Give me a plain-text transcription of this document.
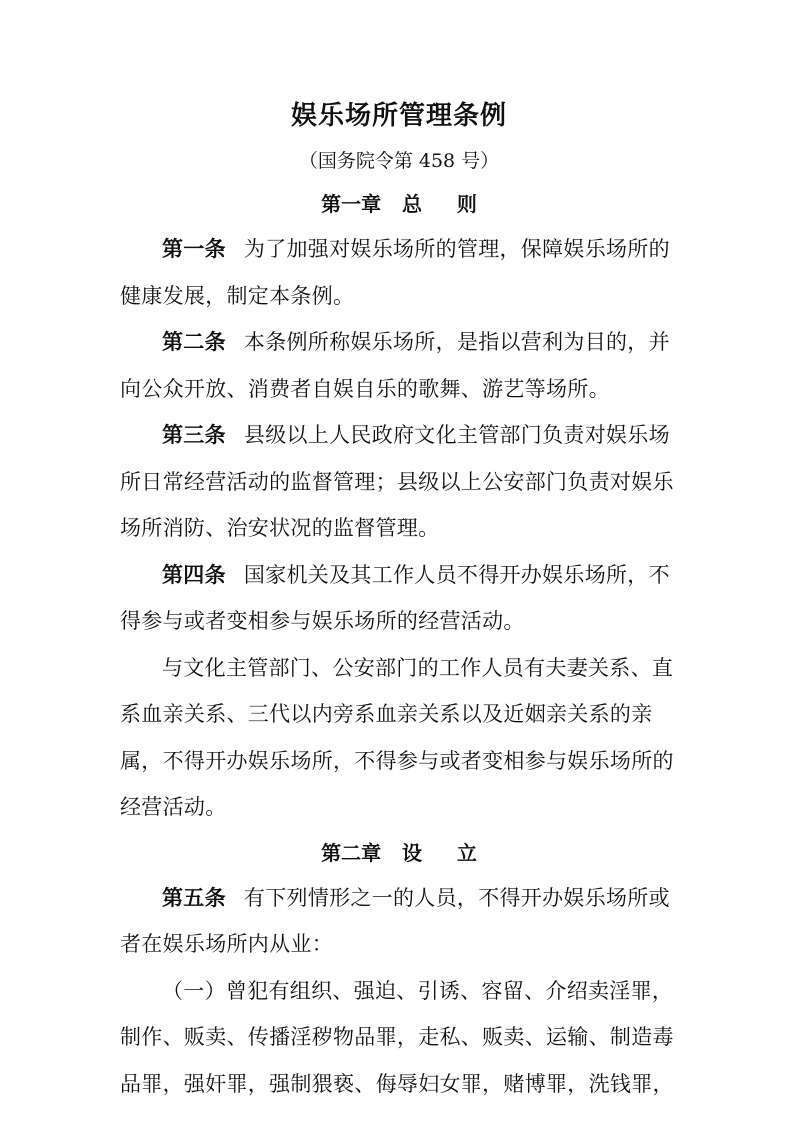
娱乐场所管理条例
（国务院令第 458 号）
第一章   总     则

第一条 为了加强对娱乐场所的管理，保障娱乐场所的健康发展，制定本条例。

第二条 本条例所称娱乐场所，是指以营利为目的，并向公众开放、消费者自娱自乐的歌舞、游艺等场所。

第三条 县级以上人民政府文化主管部门负责对娱乐场所日常经营活动的监督管理；县级以上公安部门负责对娱乐场所消防、治安状况的监督管理。

第四条 国家机关及其工作人员不得开办娱乐场所，不得参与或者变相参与娱乐场所的经营活动。

与文化主管部门、公安部门的工作人员有夫妻关系、直系血亲关系、三代以内旁系血亲关系以及近姻亲关系的亲属，不得开办娱乐场所，不得参与或者变相参与娱乐场所的经营活动。

第二章   设     立

第五条 有下列情形之一的人员，不得开办娱乐场所或者在娱乐场所内从业：

（一）曾犯有组织、强迫、引诱、容留、介绍卖淫罪，制作、贩卖、传播淫秽物品罪，走私、贩卖、运输、制造毒品罪，强奸罪，强制猥亵、侮辱妇女罪，赌博罪，洗钱罪，
